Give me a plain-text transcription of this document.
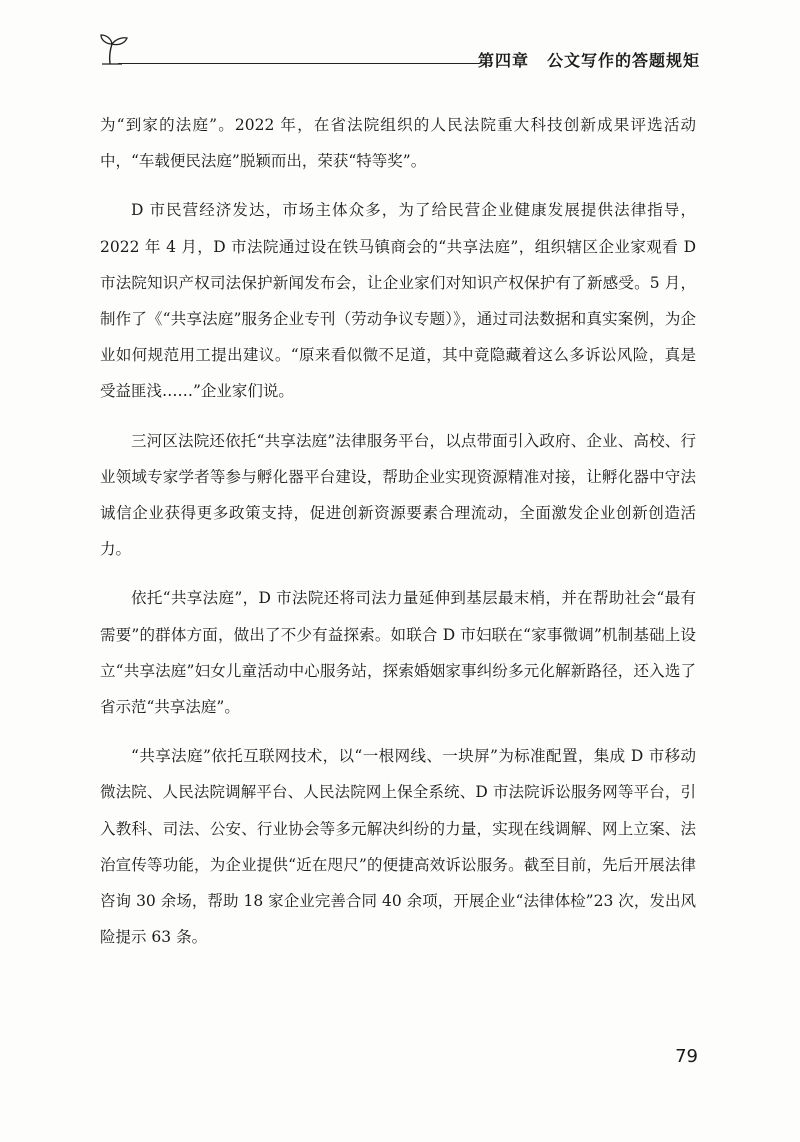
第四章 公文写作的答题规矩

为“到家的法庭”。2022 年，在省法院组织的人民法院重大科技创新成果评选活动中，“车载便民法庭”脱颖而出，荣获“特等奖”。

D 市民营经济发达，市场主体众多，为了给民营企业健康发展提供法律指导，2022 年 4 月，D 市法院通过设在铁马镇商会的“共享法庭”，组织辖区企业家观看 D 市法院知识产权司法保护新闻发布会，让企业家们对知识产权保护有了新感受。5 月，制作了《“共享法庭”服务企业专刊（劳动争议专题）》，通过司法数据和真实案例，为企业如何规范用工提出建议。“原来看似微不足道，其中竟隐藏着这么多诉讼风险，真是受益匪浅……”企业家们说。

三河区法院还依托“共享法庭”法律服务平台，以点带面引入政府、企业、高校、行业领域专家学者等参与孵化器平台建设，帮助企业实现资源精准对接，让孵化器中守法诚信企业获得更多政策支持，促进创新资源要素合理流动，全面激发企业创新创造活力。

依托“共享法庭”，D 市法院还将司法力量延伸到基层最末梢，并在帮助社会“最有需要”的群体方面，做出了不少有益探索。如联合 D 市妇联在“家事微调”机制基础上设立“共享法庭”妇女儿童活动中心服务站，探索婚姻家事纠纷多元化解新路径，还入选了省示范“共享法庭”。

“共享法庭”依托互联网技术，以“一根网线、一块屏”为标准配置，集成 D 市移动微法院、人民法院调解平台、人民法院网上保全系统、D 市法院诉讼服务网等平台，引入教科、司法、公安、行业协会等多元解决纠纷的力量，实现在线调解、网上立案、法治宣传等功能，为企业提供“近在咫尺”的便捷高效诉讼服务。截至目前，先后开展法律咨询 30 余场，帮助 18 家企业完善合同 40 余项，开展企业“法律体检”23 次，发出风险提示 63 条。

79
